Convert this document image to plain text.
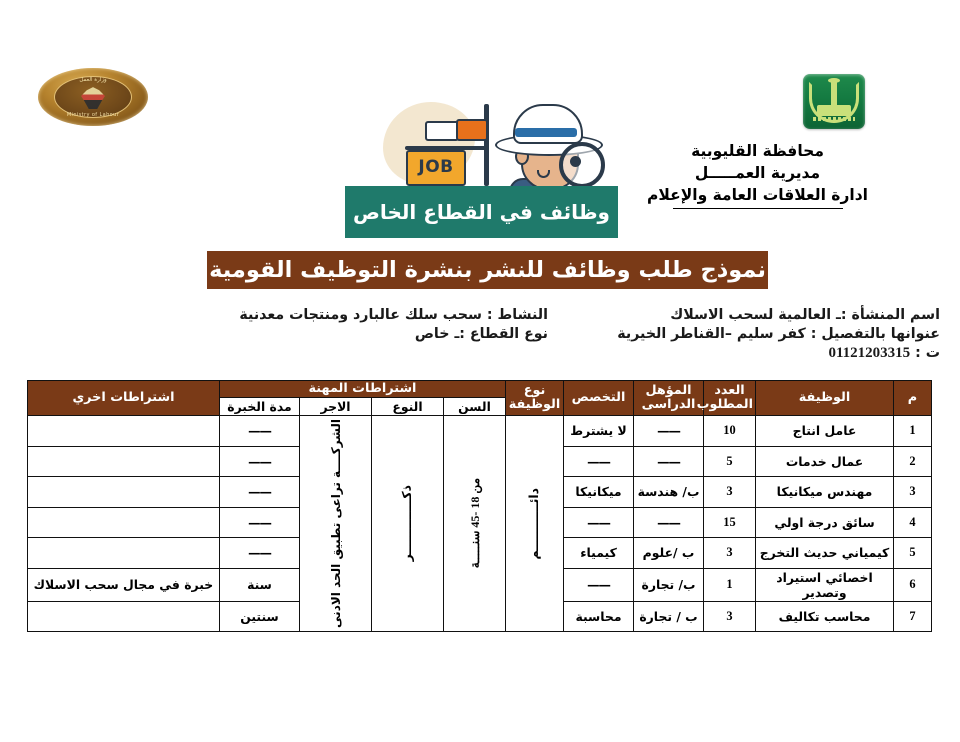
وزارة العمل
Ministry of Labour
محافظة القليوبية
مديرية العمـــــل
ادارة العلاقات العامة والإعلام
JOB
وظائف في القطاع الخاص
نموذج طلب وظائف للنشر بنشرة التوظيف القومية
اسم المنشأة :ـ العالمية لسحب الاسلاك
عنوانها بالتفصيل : كفر سليم –القناطر الخيرية
ت : 01121203315
النشاط : سحب سلك عالبارد ومنتجات معدنية
نوع القطاع :ـ خاص
م	الوظيفة	العدد المطلوب	المؤهل الدراسى	التخصص	نوع الوظيفة	اشتراطات المهنة				اشتراطات اخري
						السن	النوع	الاجر	مدة الخبرة	
1	عامل انتاج	10	——	لا يشترط	دائـــــــــــم	من 18 -45 سنـــــة	ذكـــــــــــــر	الشركــــة تراعى تطبيق الحد الادنى	——	
2	عمال خدمات	5	——	——					——	
3	مهندس ميكانيكا	3	ب/ هندسة	ميكانيكا					——	
4	سائق درجة اولي	15	——	——					——	
5	كيمياني حديث التخرج	3	ب /علوم	كيمياء					——	
6	اخصائي استيراد وتصدير	1	ب/ تجارة	——					سنة	خبرة في مجال سحب الاسلاك
7	محاسب تكاليف	3	ب / تجارة	محاسبة					سنتين	
